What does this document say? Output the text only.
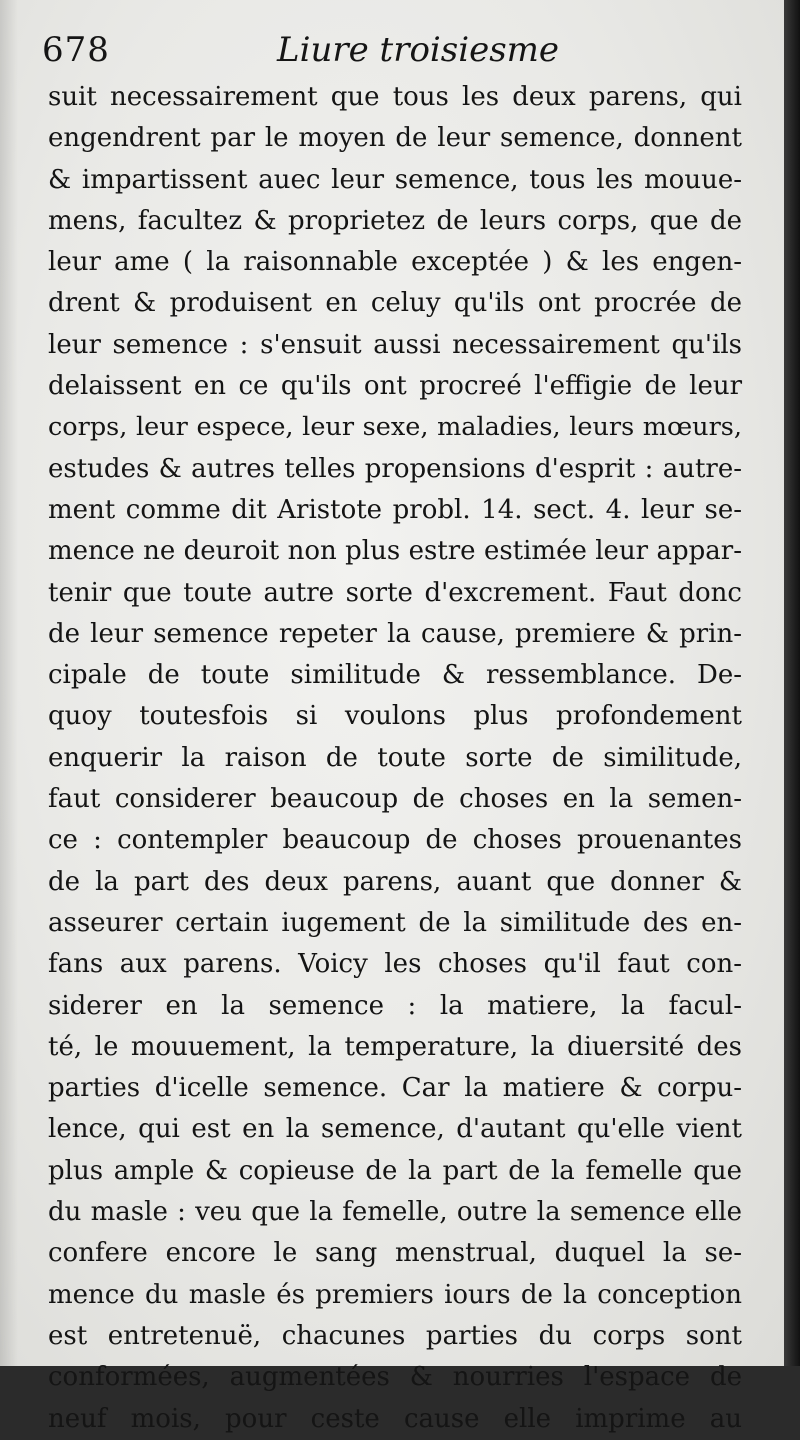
678	Liure troisiesme
suit necessairement que tous les deux parens, qui
engendrent par le moyen de leur semence, donnent
& impartissent auec leur semence, tous les mouue-
mens, facultez & proprietez de leurs corps, que de
leur ame ( la raisonnable exceptée ) & les engen-
drent & produisent en celuy qu'ils ont procrée de
leur semence : s'ensuit aussi necessairement qu'ils
delaissent en ce qu'ils ont procreé l'effigie de leur
corps, leur espece, leur sexe, maladies, leurs mœurs,
estudes & autres telles propensions d'esprit : autre-
ment comme dit Aristote probl. 14. sect. 4. leur se-
mence ne deuroit non plus estre estimée leur appar-
tenir que toute autre sorte d'excrement. Faut donc
de leur semence repeter la cause, premiere & prin-
cipale de toute similitude & ressemblance. De-
quoy toutesfois si voulons plus profondement
enquerir la raison de toute sorte de similitude,
faut considerer beaucoup de choses en la semen-
ce : contempler beaucoup de choses prouenantes
de la part des deux parens, auant que donner &
asseurer certain iugement de la similitude des en-
fans aux parens. Voicy les choses qu'il faut con-
siderer en la semence : la matiere, la facul-
té, le mouuement, la temperature, la diuersité des
parties d'icelle semence. Car la matiere & corpu-
lence, qui est en la semence, d'autant qu'elle vient
plus ample & copieuse de la part de la femelle que
du masle : veu que la femelle, outre la semence elle
confere encore le sang menstrual, duquel la se-
mence du masle és premiers iours de la conception
est entretenuë, chacunes parties du corps sont
conformées, augmentées & nourries l'espace de
neuf mois, pour ceste cause elle imprime au
